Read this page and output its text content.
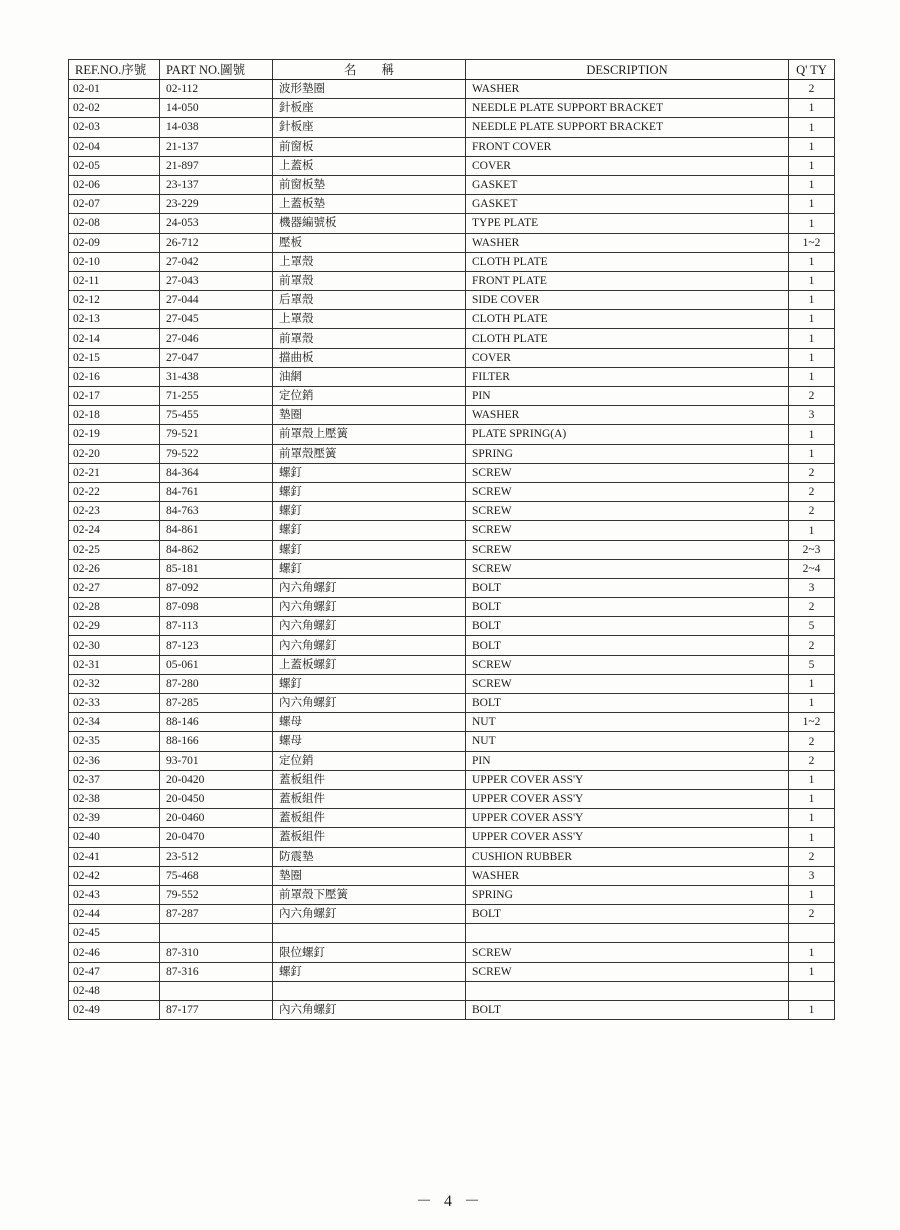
REF.NO.序號	PART NO.圖號	名　　稱	DESCRIPTION	Q' TY
02-01	02-112	波形墊圈	WASHER	2
02-02	14-050	針板座	NEEDLE PLATE SUPPORT BRACKET	1
02-03	14-038	針板座	NEEDLE PLATE SUPPORT BRACKET	1
02-04	21-137	前窗板	FRONT COVER	1
02-05	21-897	上蓋板	COVER	1
02-06	23-137	前窗板墊	GASKET	1
02-07	23-229	上蓋板墊	GASKET	1
02-08	24-053	機器編號板	TYPE PLATE	1
02-09	26-712	壓板	WASHER	1~2
02-10	27-042	上罩殼	CLOTH PLATE	1
02-11	27-043	前罩殼	FRONT PLATE	1
02-12	27-044	后罩殼	SIDE COVER	1
02-13	27-045	上罩殼	CLOTH PLATE	1
02-14	27-046	前罩殼	CLOTH PLATE	1
02-15	27-047	擋曲板	COVER	1
02-16	31-438	油網	FILTER	1
02-17	71-255	定位銷	PIN	2
02-18	75-455	墊圈	WASHER	3
02-19	79-521	前罩殼上壓簧	PLATE SPRING(A)	1
02-20	79-522	前罩殼壓簧	SPRING	1
02-21	84-364	螺釘	SCREW	2
02-22	84-761	螺釘	SCREW	2
02-23	84-763	螺釘	SCREW	2
02-24	84-861	螺釘	SCREW	1
02-25	84-862	螺釘	SCREW	2~3
02-26	85-181	螺釘	SCREW	2~4
02-27	87-092	內六角螺釘	BOLT	3
02-28	87-098	內六角螺釘	BOLT	2
02-29	87-113	內六角螺釘	BOLT	5
02-30	87-123	內六角螺釘	BOLT	2
02-31	05-061	上蓋板螺釘	SCREW	5
02-32	87-280	螺釘	SCREW	1
02-33	87-285	內六角螺釘	BOLT	1
02-34	88-146	螺母	NUT	1~2
02-35	88-166	螺母	NUT	2
02-36	93-701	定位銷	PIN	2
02-37	20-0420	蓋板組件	UPPER COVER ASS'Y	1
02-38	20-0450	蓋板組件	UPPER COVER ASS'Y	1
02-39	20-0460	蓋板組件	UPPER COVER ASS'Y	1
02-40	20-0470	蓋板組件	UPPER COVER ASS'Y	1
02-41	23-512	防震墊	CUSHION RUBBER	2
02-42	75-468	墊圈	WASHER	3
02-43	79-552	前罩殼下壓簧	SPRING	1
02-44	87-287	內六角螺釘	BOLT	2
02-45				
02-46	87-310	限位螺釘	SCREW	1
02-47	87-316	螺釘	SCREW	1
02-48				
02-49	87-177	內六角螺釘	BOLT	1
－ 4 －
